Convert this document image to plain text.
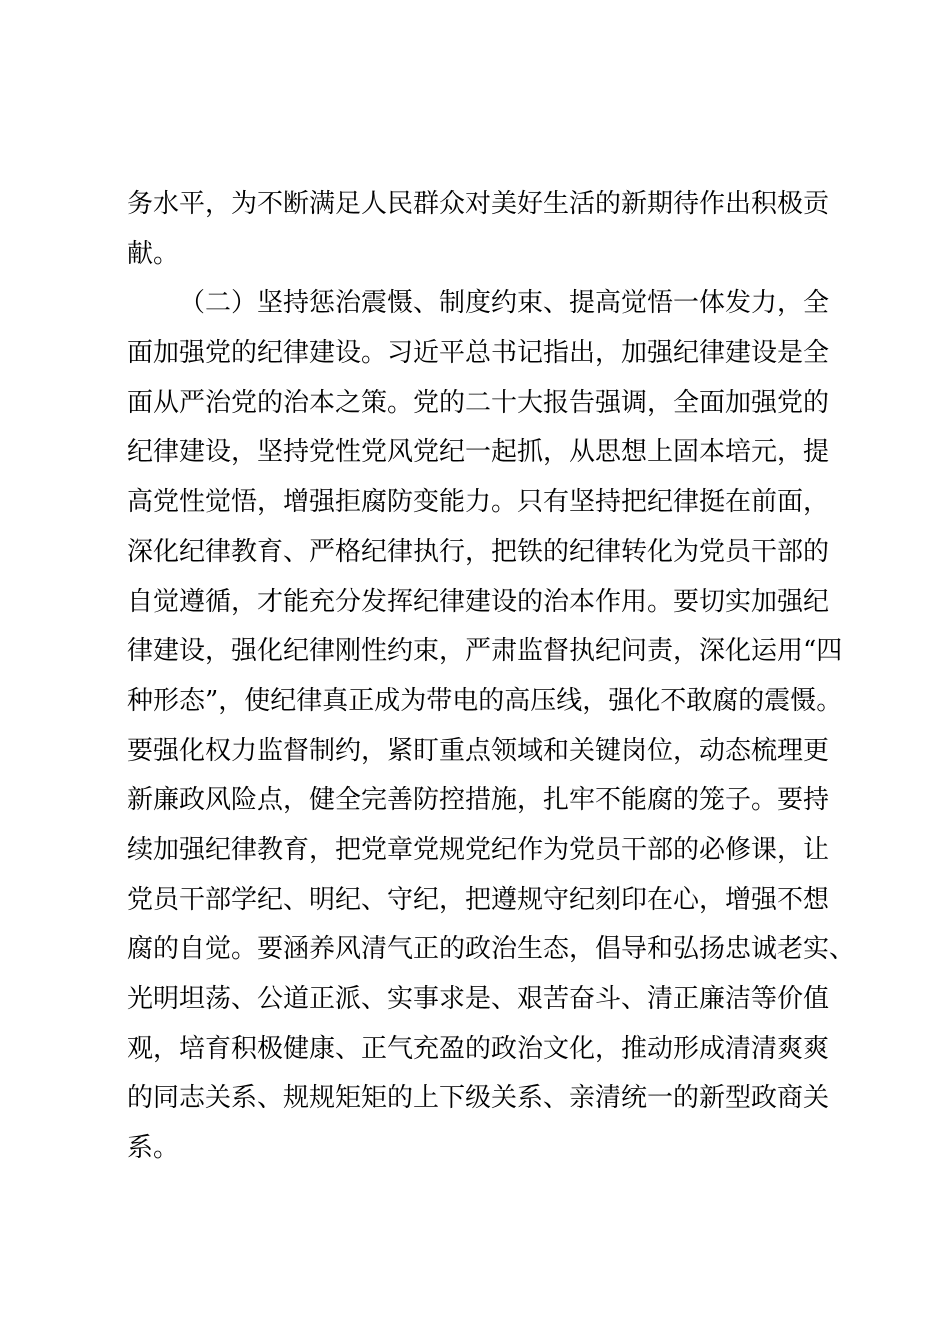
务水平，为不断满足人民群众对美好生活的新期待作出积极贡
献。
（二）坚持惩治震慑、制度约束、提高觉悟一体发力，全
面加强党的纪律建设。习近平总书记指出，加强纪律建设是全
面从严治党的治本之策。党的二十大报告强调，全面加强党的
纪律建设，坚持党性党风党纪一起抓，从思想上固本培元，提
高党性觉悟，增强拒腐防变能力。只有坚持把纪律挺在前面，
深化纪律教育、严格纪律执行，把铁的纪律转化为党员干部的
自觉遵循，才能充分发挥纪律建设的治本作用。要切实加强纪
律建设，强化纪律刚性约束，严肃监督执纪问责，深化运用“四
种形态”，使纪律真正成为带电的高压线，强化不敢腐的震慑。
要强化权力监督制约，紧盯重点领域和关键岗位，动态梳理更
新廉政风险点，健全完善防控措施，扎牢不能腐的笼子。要持
续加强纪律教育，把党章党规党纪作为党员干部的必修课，让
党员干部学纪、明纪、守纪，把遵规守纪刻印在心，增强不想
腐的自觉。要涵养风清气正的政治生态，倡导和弘扬忠诚老实、
光明坦荡、公道正派、实事求是、艰苦奋斗、清正廉洁等价值
观，培育积极健康、正气充盈的政治文化，推动形成清清爽爽
的同志关系、规规矩矩的上下级关系、亲清统一的新型政商关
系。
